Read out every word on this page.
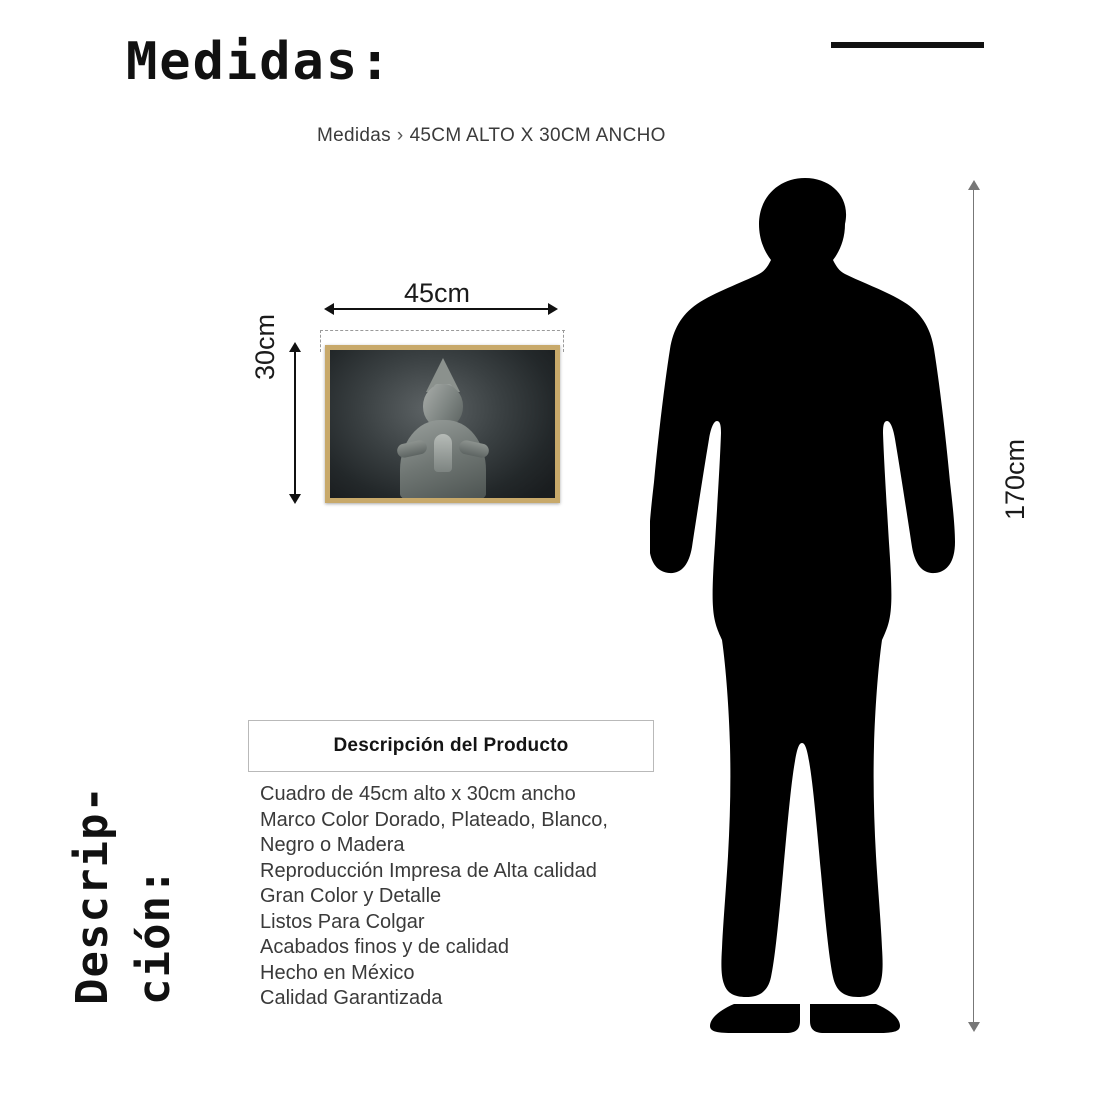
Medidas:
Medidas › 45CM ALTO X 30CM ANCHO
45cm
30cm
170cm
Descrip- ción:
Descripción del Producto
Cuadro de 45cm alto x 30cm ancho
Marco Color Dorado, Plateado, Blanco,
Negro o Madera
Reproducción Impresa de Alta calidad
Gran Color y Detalle
Listos Para Colgar
Acabados finos y de calidad
Hecho en México
Calidad Garantizada
